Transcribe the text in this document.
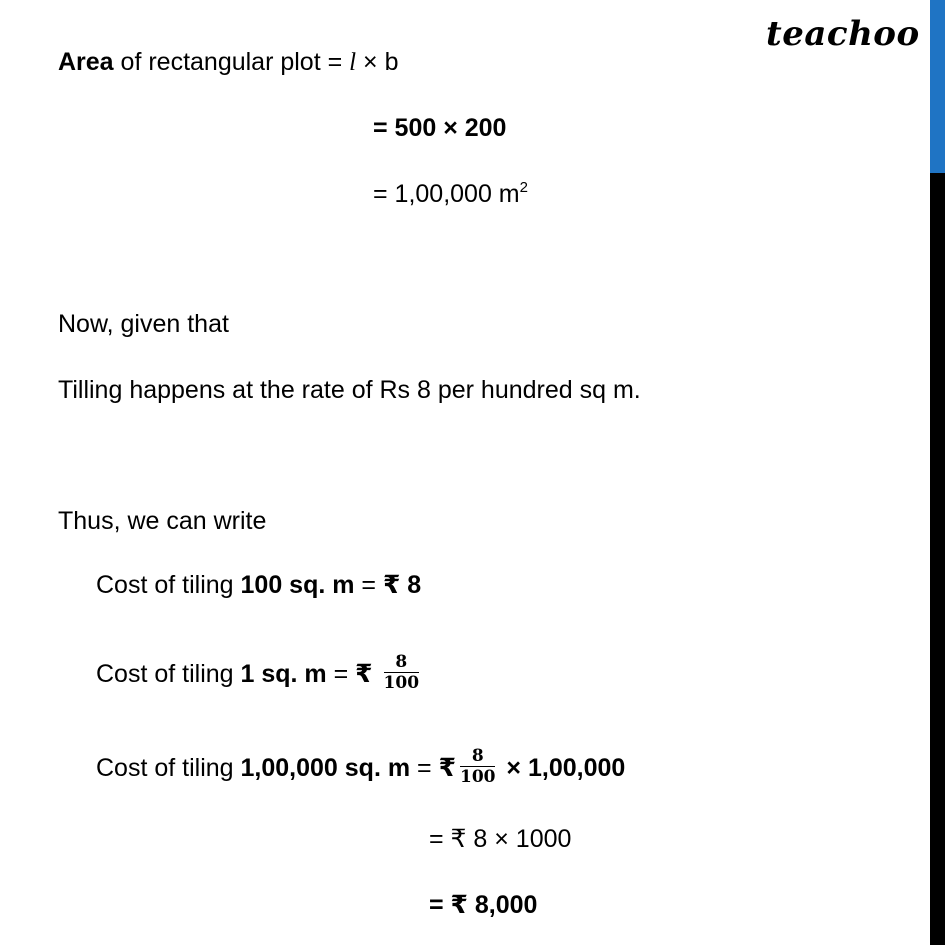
teachoo
Area of rectangular plot = l × b
= 500 × 200
= 1,00,000 $m^2$
Now, given that
Tilling happens at the rate of Rs 8 per hundred sq m.
Thus, we can write
Cost of tiling 100 sq. m = ₹ 8
Cost of tiling 1 sq. m = ₹ $\frac{8}{100}$
Cost of tiling 1,00,000 sq. m = ₹ $\frac{8}{100} \times 1,00,000$
= ₹ 8 × 1000
= ₹ 8,000
